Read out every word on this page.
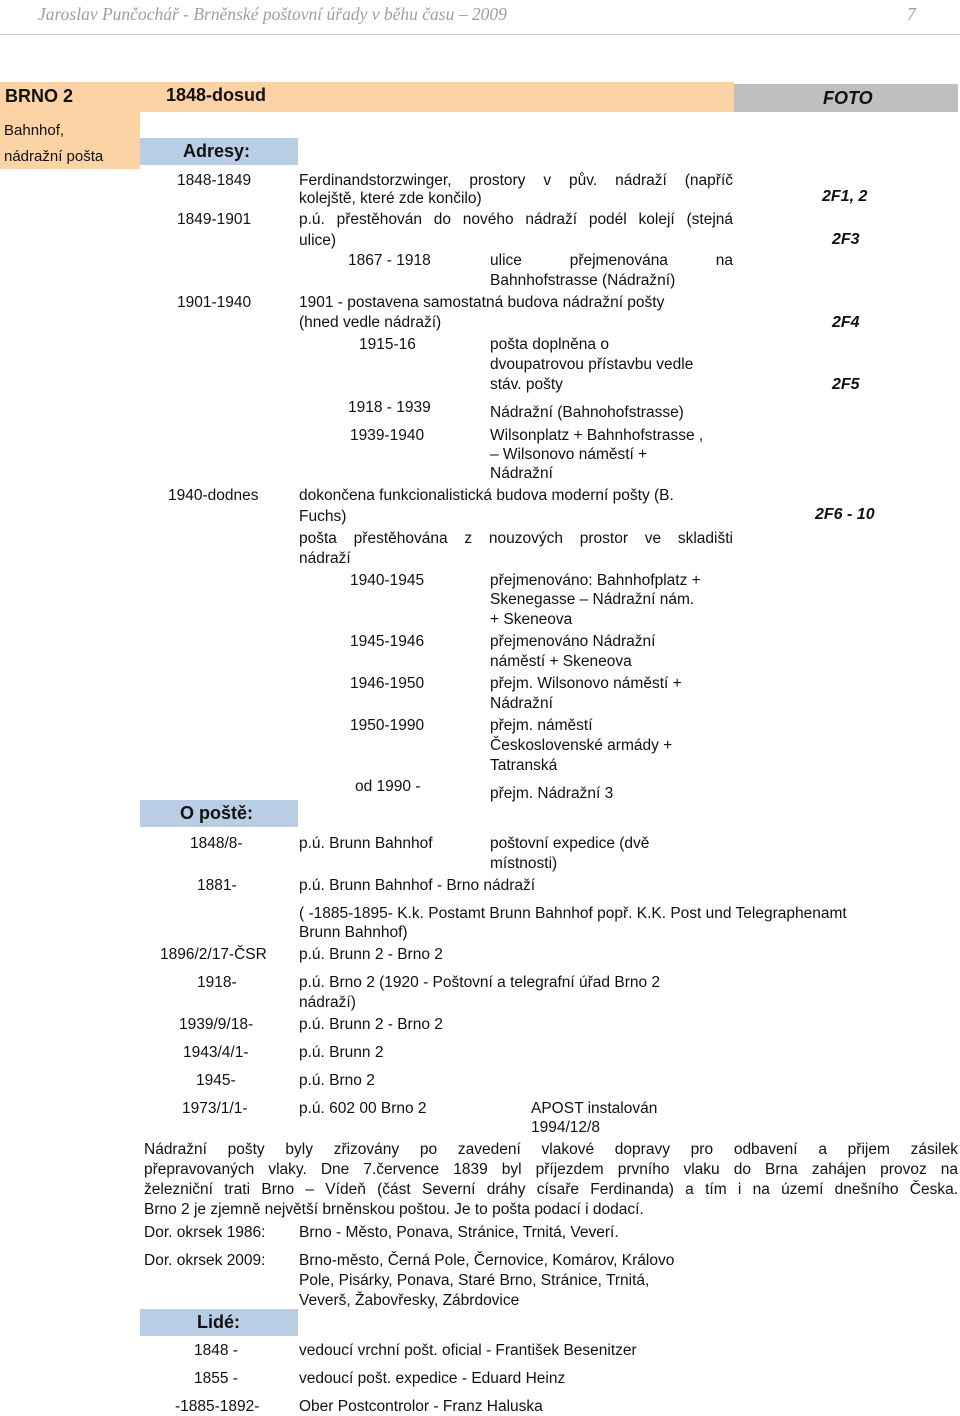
Jaroslav Punčochář - Brněnské poštovní úřady v běhu času – 2009	7
BRNO 2
Bahnhof,
nádražní pošta
1848-dosud	FOTO
Adresy:
1848-1849	Ferdinandstorzwinger, prostory v pův. nádraží (napříč
kolejště, které zde končilo)	2F1, 2
1849-1901	p.ú. přestěhován do nového nádraží podél kolejí (stejná
ulice)	2F3
1867 - 1918	ulice přejmenována na
Bahnhofstrasse (Nádražní)
1901-1940	1901 - postavena samostatná budova nádražní pošty
(hned vedle nádraží)	2F4
1915-16	pošta doplněna o
dvoupatrovou přístavbu vedle
stáv. pošty	2F5
1918 - 1939	Nádražní (Bahnohofstrasse)
1939-1940	Wilsonplatz + Bahnhofstrasse ,
– Wilsonovo náměstí +
Nádražní
1940-dodnes	dokončena funkcionalistická budova moderní pošty (B.
Fuchs)	2F6 - 10
pošta přestěhována z nouzových prostor ve skladišti
nádraží
1940-1945	přejmenováno: Bahnhofplatz +
Skenegasse – Nádražní nám.
+ Skeneova
1945-1946	přejmenováno Nádražní
náměstí + Skeneova
1946-1950	přejm. Wilsonovo náměstí +
Nádražní
1950-1990	přejm. náměstí
Československé armády +
Tatranská
od 1990 -	přejm. Nádražní 3
O poště:
1848/8-	p.ú. Brunn Bahnhof	poštovní expedice (dvě
místnosti)
1881-	p.ú. Brunn Bahnhof - Brno nádraží
( -1885-1895- K.k. Postamt Brunn Bahnhof popř. K.K. Post und Telegraphenamt
Brunn Bahnhof)
1896/2/17-ČSR p.ú. Brunn 2 - Brno 2
1918-	p.ú. Brno 2 (1920 - Poštovní a telegrafní úřad Brno 2
nádraží)
1939/9/18-	p.ú. Brunn 2 - Brno 2
1943/4/1-	p.ú. Brunn 2
1945-	p.ú. Brno 2
1973/1/1-	p.ú. 602 00 Brno 2	APOST instalován
1994/12/8
Nádražní pošty byly zřizovány po zavedení vlakové dopravy pro odbavení a přijem zásilek
přepravovaných vlaky. Dne 7.července 1839 byl příjezdem prvního vlaku do Brna zahájen provoz na
železniční trati Brno – Vídeň (část Severní dráhy císaře Ferdinanda) a tím i na území dnešního Česka.
Brno 2 je zjemně největší brněnskou poštou. Je to pošta podací i dodací.
Dor. okrsek 1986: Brno - Město, Ponava, Stránice, Trnitá, Veverí.
Dor. okrsek 2009: Brno-město, Černá Pole, Černovice, Komárov, Královo
Pole, Pisárky, Ponava, Staré Brno, Stránice, Trnitá,
Veverš, Žabovřesky, Zábrdovice
Lidé:
1848 -	vedoucí vrchní pošt. oficial - František Besenitzer
1855 -	vedoucí pošt. expedice - Eduard Heinz
-1885-1892-	Ober Postcontrolor - Franz Haluska
